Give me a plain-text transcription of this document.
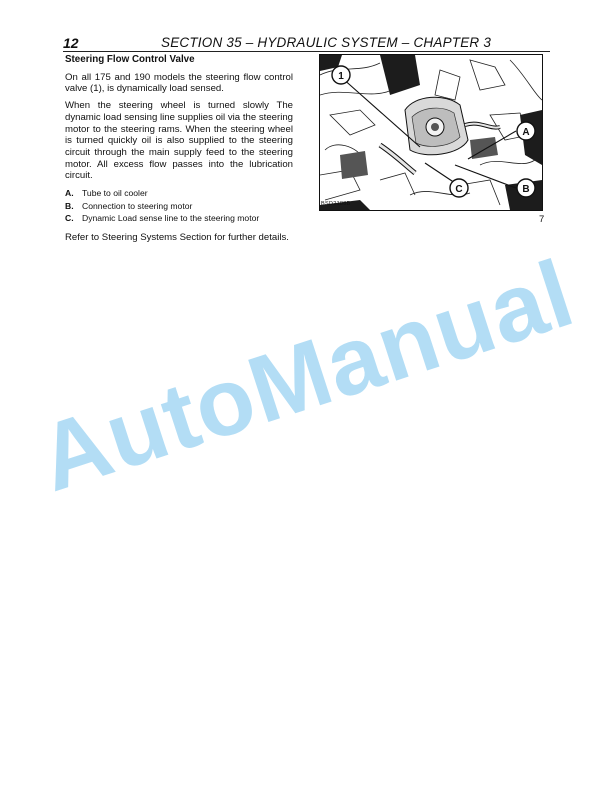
12	SECTION 35 – HYDRAULIC SYSTEM – CHAPTER 3
Steering Flow Control Valve

On all 175 and 190 models the steering flow control valve (1), is dynamically load sensed.

When the steering wheel is turned slowly The dynamic load sensing line supplies oil via the steering motor to the steering rams. When the steering wheel is turned quickly oil is also supplied to the steering circuit through the main supply feed to the steering motor. All excess flow passes into the lubrication circuit.

A. Tube to oil cooler
B. Connection to steering motor
C. Dynamic Load sense line to the steering motor

Refer to Steering Systems Section for further details.

1
A
B
C
BSD2188B
7
AutoManual
